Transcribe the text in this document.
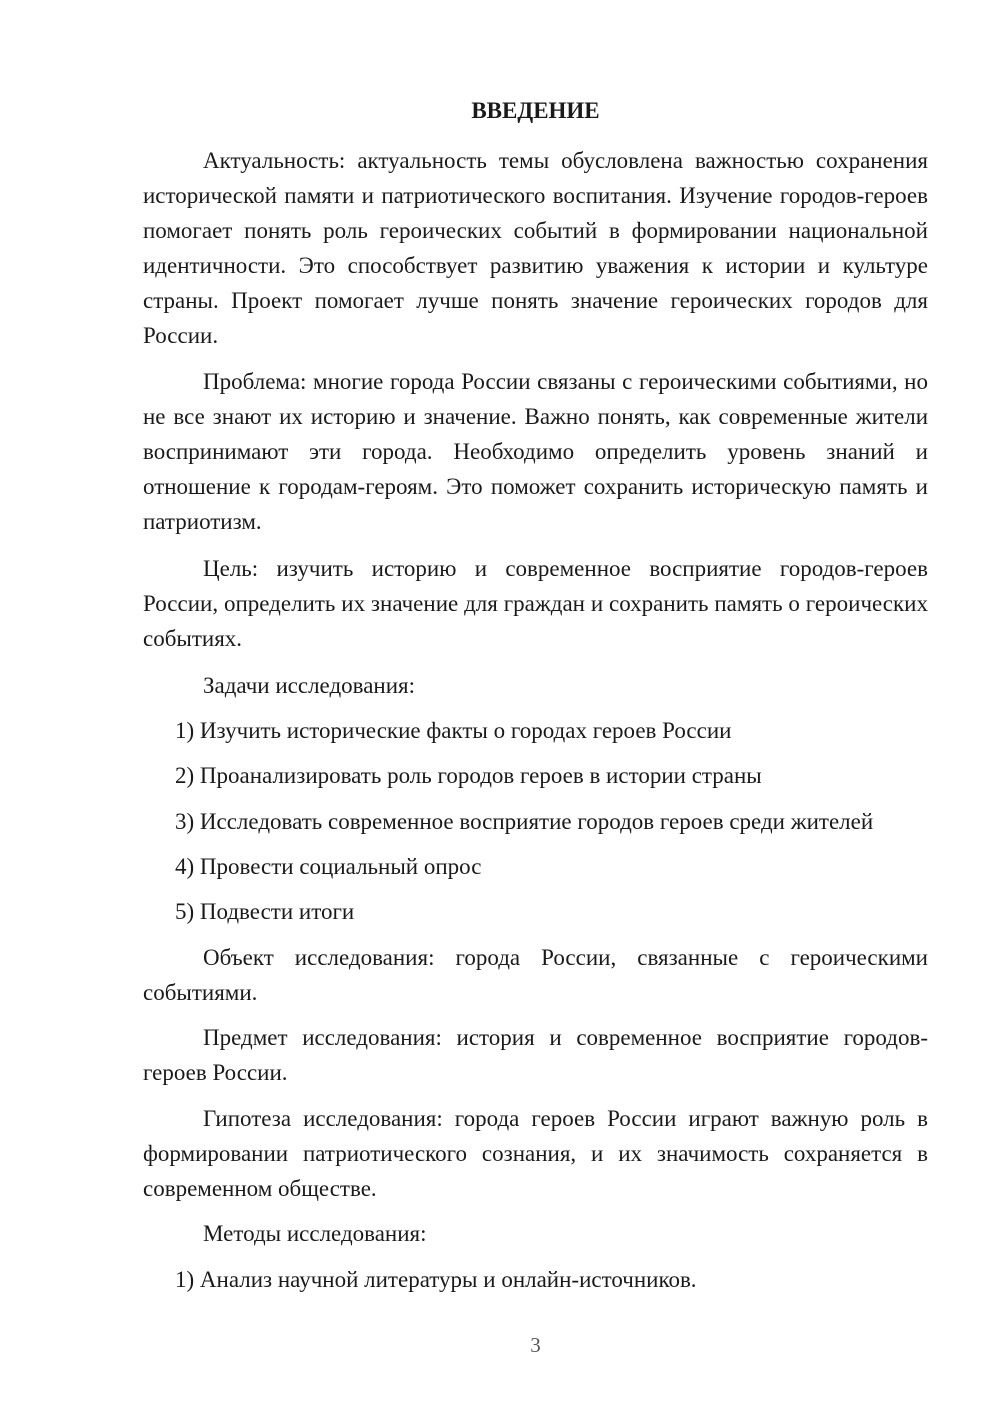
ВВЕДЕНИЕ

Актуальность: актуальность темы обусловлена важностью сохранения исторической памяти и патриотического воспитания. Изучение городов-героев помогает понять роль героических событий в формировании национальной идентичности. Это способствует развитию уважения к истории и культуре страны. Проект помогает лучше понять значение героических городов для России.

Проблема: многие города России связаны с героическими событиями, но не все знают их историю и значение. Важно понять, как современные жители воспринимают эти города. Необходимо определить уровень знаний и отношение к городам-героям. Это поможет сохранить историческую память и патриотизм.

Цель: изучить историю и современное восприятие городов-героев России, определить их значение для граждан и сохранить память о героических событиях.

Задачи исследования:

1) Изучить исторические факты о городах героев России

2) Проанализировать роль городов героев в истории страны

3) Исследовать современное восприятие городов героев среди жителей

4) Провести социальный опрос

5) Подвести итоги

Объект исследования: города России, связанные с героическими событиями.

Предмет исследования: история и современное восприятие городов-героев России.

Гипотеза исследования: города героев России играют важную роль в формировании патриотического сознания, и их значимость сохраняется в современном обществе.

Методы исследования:

1) Анализ научной литературы и онлайн-источников.

3
